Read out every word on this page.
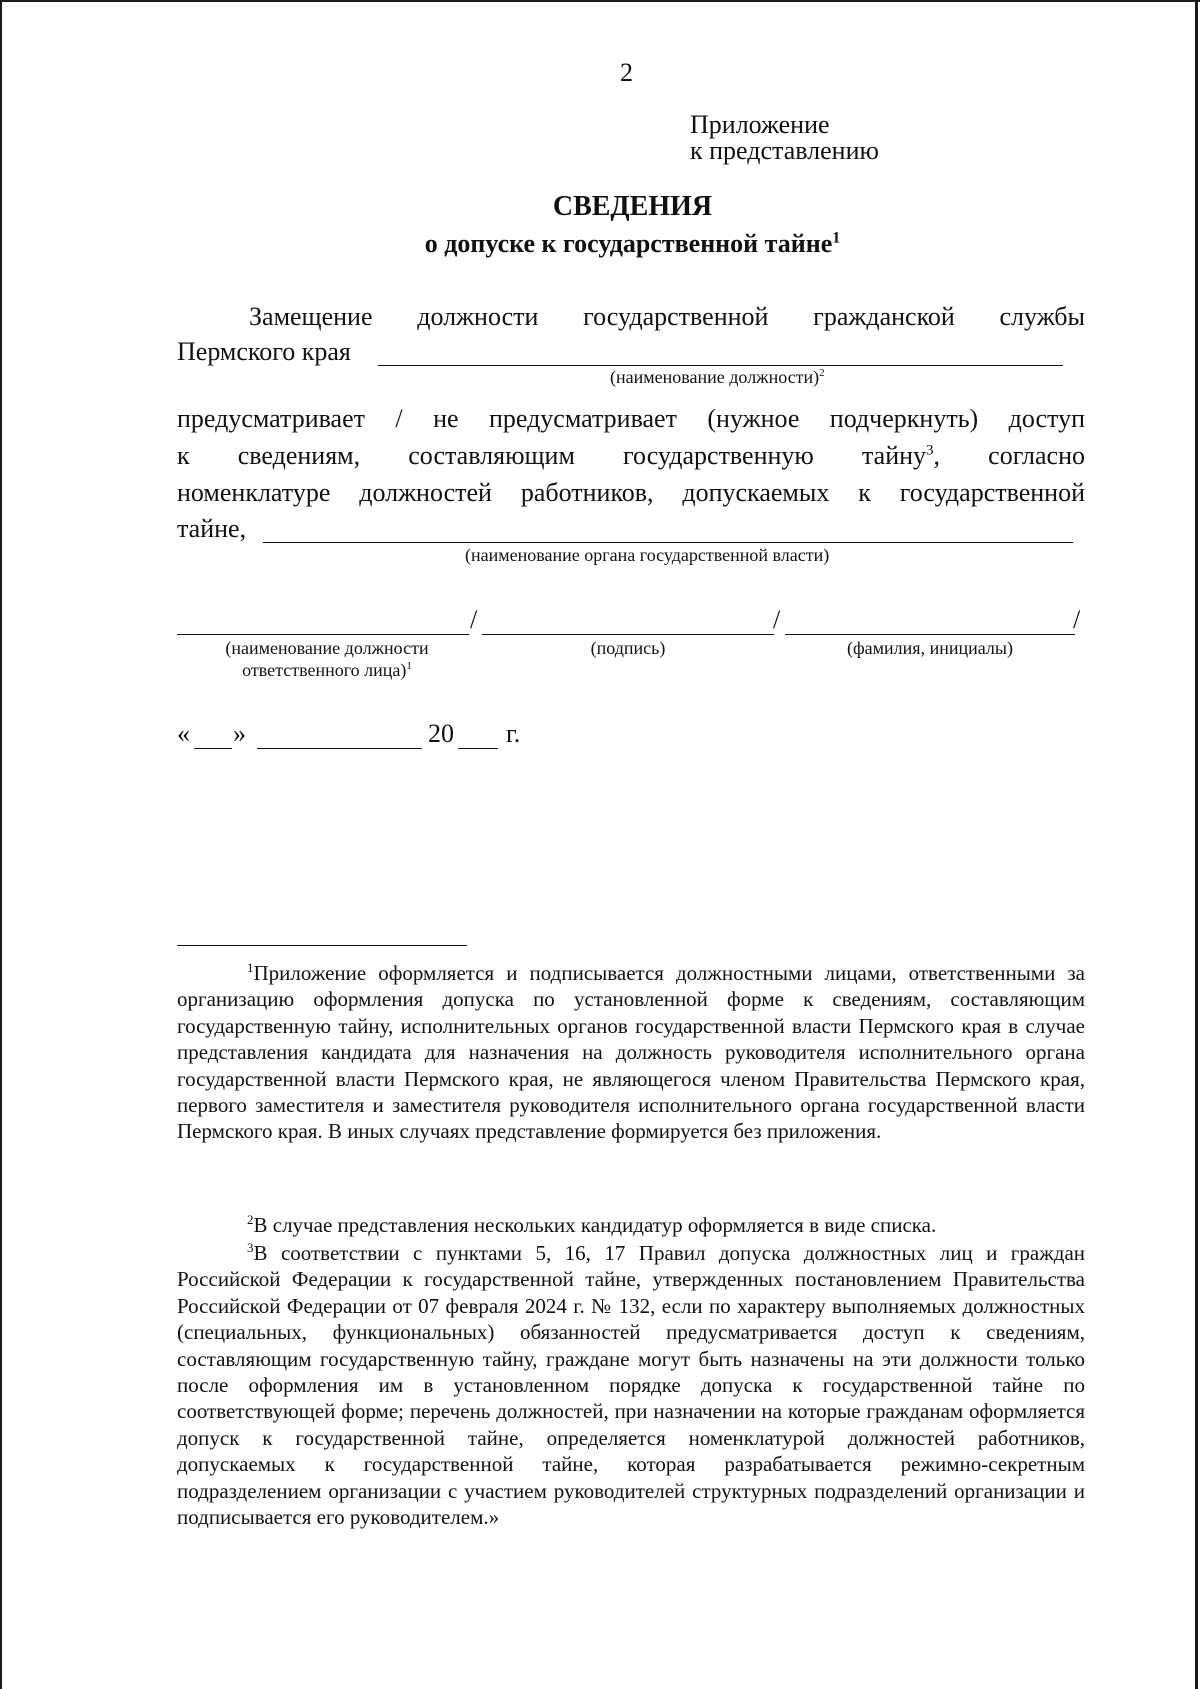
2
Приложение
к представлению
СВЕДЕНИЯ
о допуске к государственной тайне$^1$
Замещение должности государственной гражданской службы
Пермского края
(наименование должности)$^2$
предусматривает / не предусматривает (нужное подчеркнуть) доступ
к сведениям, составляющим государственную тайну$^3$, согласно
номенклатуре должностей работников, допускаемых к государственной
тайне,
(наименование органа государственной власти)
/	/	/
(наименование должности
ответственного лица)$^1$
(подпись)	(фамилия, инициалы)
« »	20 г.
$^1$Приложение оформляется и подписывается должностными лицами, ответственными за организацию оформления допуска по установленной форме к сведениям, составляющим государственную тайну, исполнительных органов государственной власти Пермского края в случае представления кандидата для назначения на должность руководителя исполнительного органа государственной власти Пермского края, не являющегося членом Правительства Пермского края, первого заместителя и заместителя руководителя исполнительного органа государственной власти Пермского края. В иных случаях представление формируется без приложения.
$^2$В случае представления нескольких кандидатур оформляется в виде списка.
$^3$В соответствии с пунктами 5, 16, 17 Правил допуска должностных лиц и граждан Российской Федерации к государственной тайне, утвержденных постановлением Правительства Российской Федерации от 07 февраля 2024 г. № 132, если по характеру выполняемых должностных (специальных, функциональных) обязанностей предусматривается доступ к сведениям, составляющим государственную тайну, граждане могут быть назначены на эти должности только после оформления им в установленном порядке допуска к государственной тайне по соответствующей форме; перечень должностей, при назначении на которые гражданам оформляется допуск к государственной тайне, определяется номенклатурой должностей работников, допускаемых к государственной тайне, которая разрабатывается режимно-секретным подразделением организации с участием руководителей структурных подразделений организации и подписывается его руководителем.»
